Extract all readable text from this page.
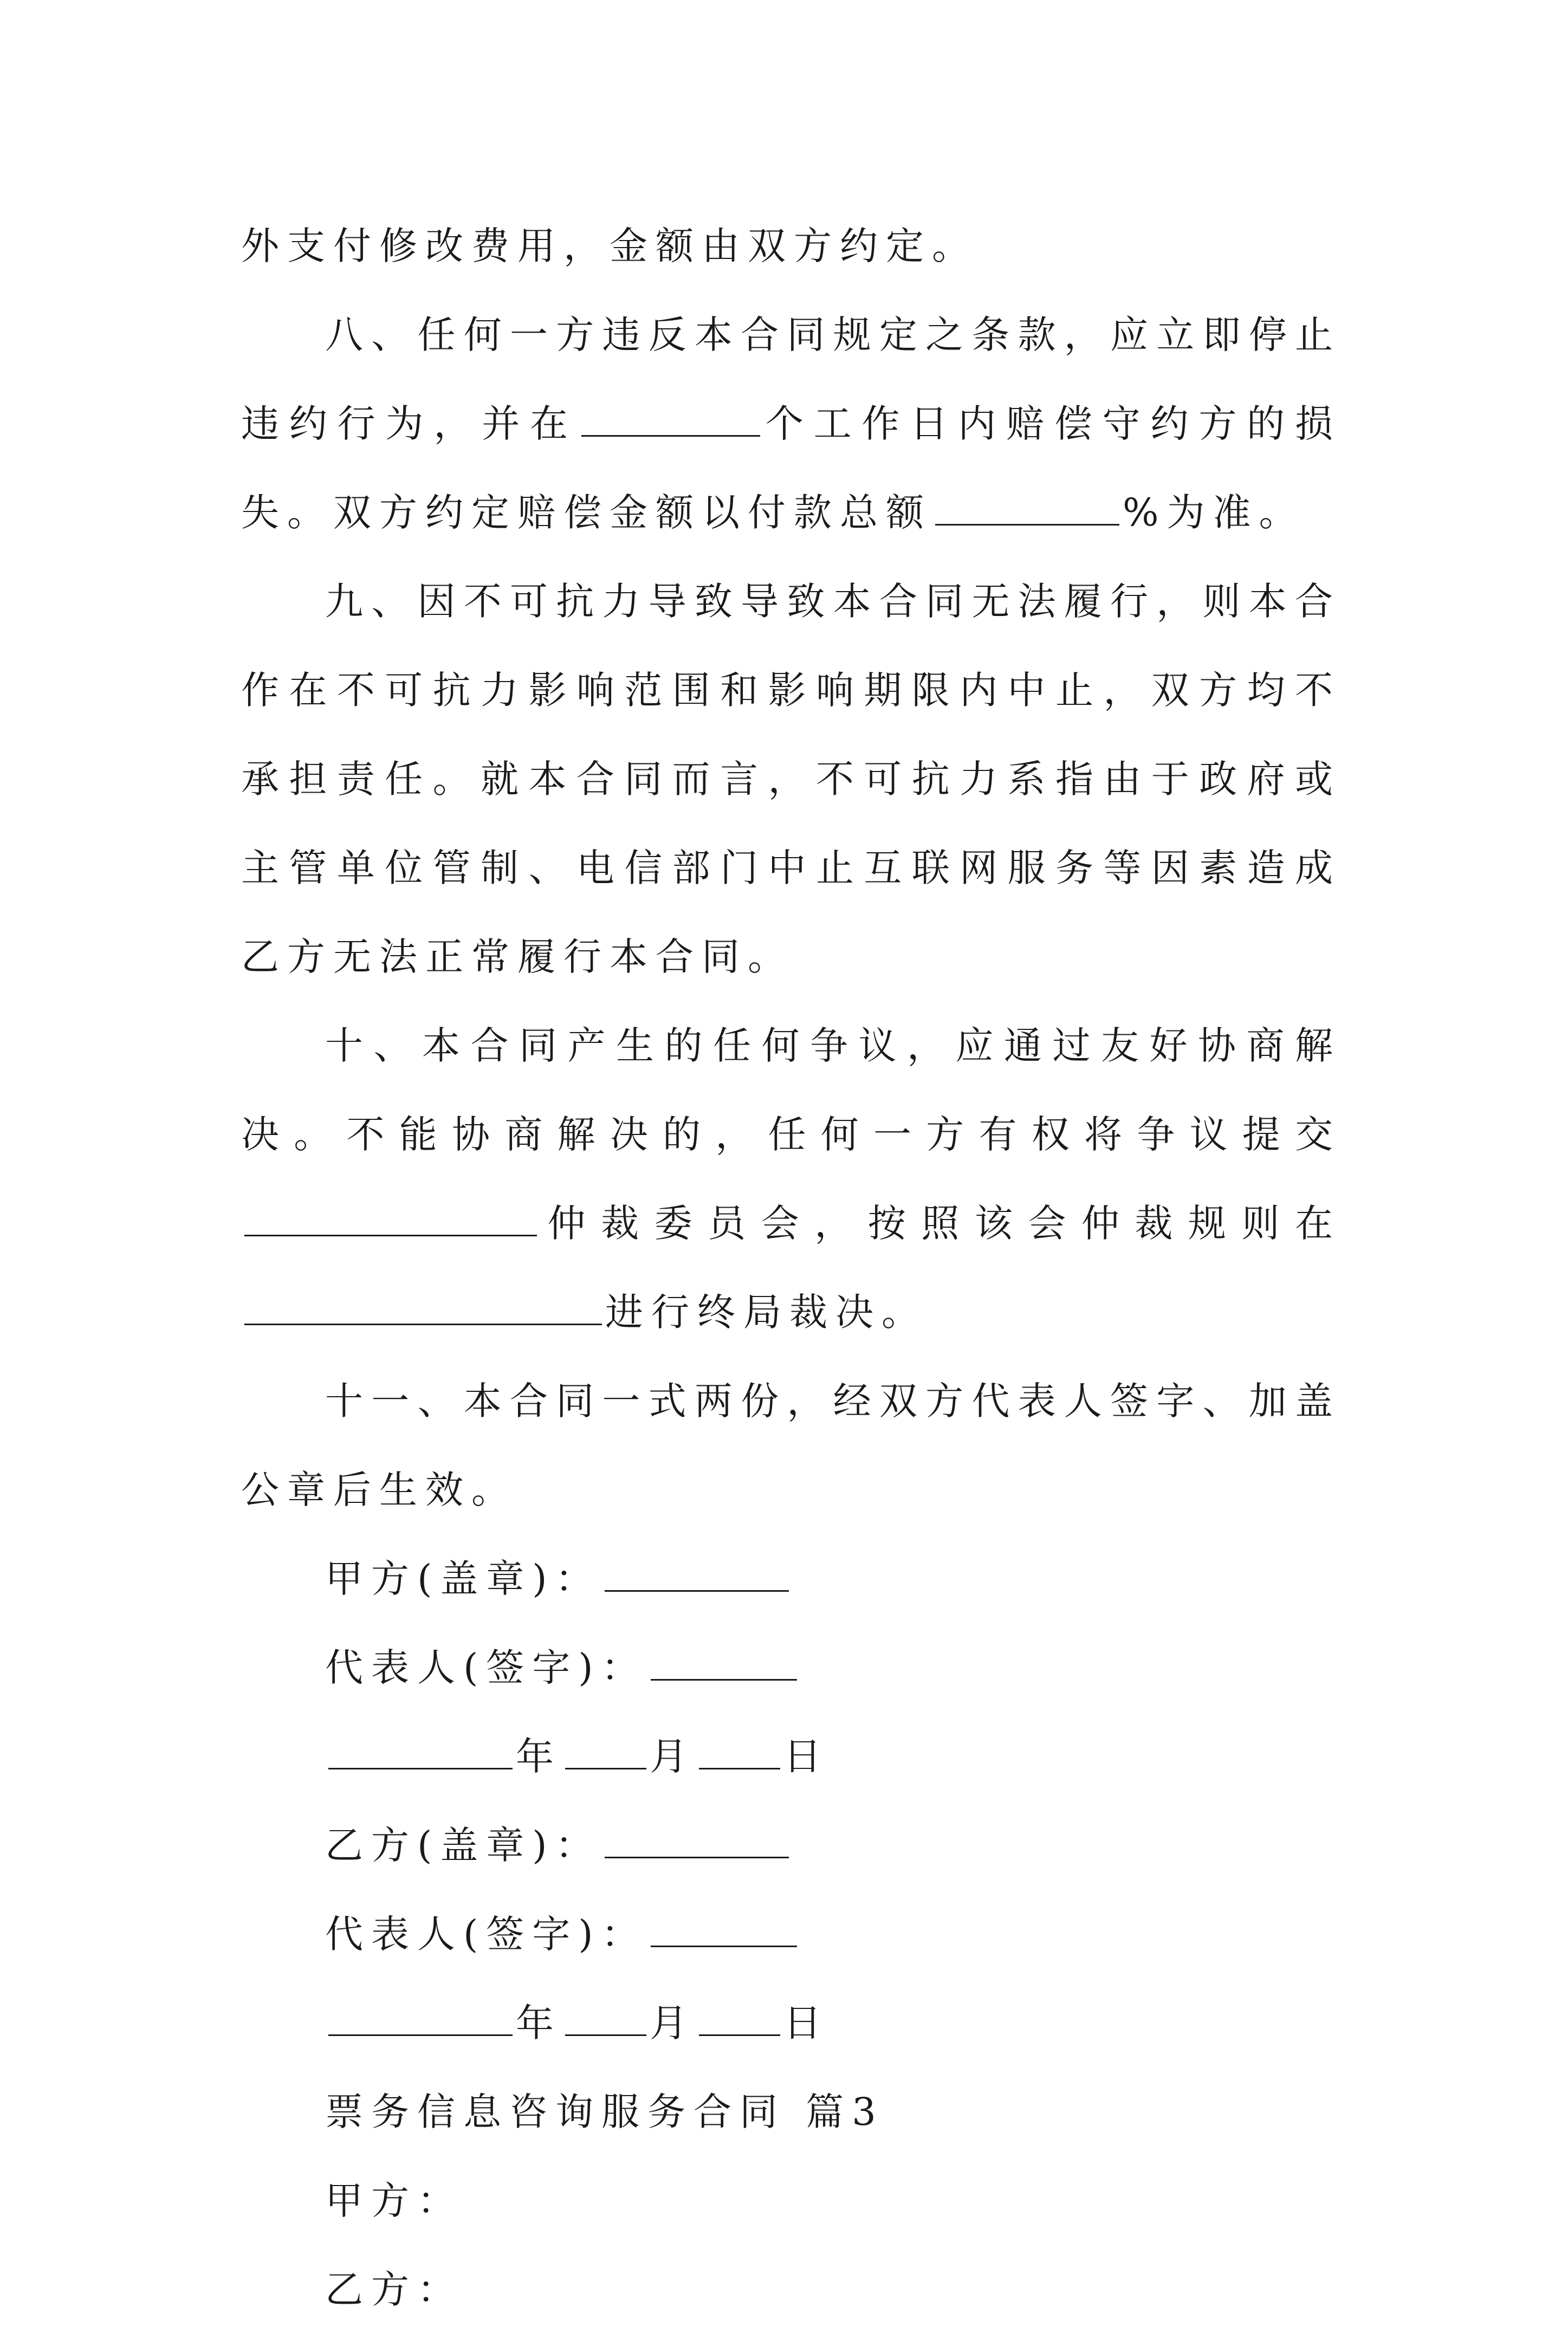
外支付修改费用，金额由双方约定。

八、任何一方违反本合同规定之条款，应立即停止违约行为，并在	个工作日内赔偿守约方的损失。双方约定赔偿金额以付款总额	%为准。

九、因不可抗力导致导致本合同无法履行，则本合作在不可抗力影响范围和影响期限内中止，双方均不承担责任。就本合同而言，不可抗力系指由于政府或主管单位管制、电信部门中止互联网服务等因素造成乙方无法正常履行本合同。

十、本合同产生的任何争议，应通过友好协商解决。不能协商解决的，任何一方有权将争议提交仲裁委员会，按照该会仲裁规则在进行终局裁决。

十一、本合同一式两份，经双方代表人签字、加盖公章后生效。

甲方(盖章)：
代表人(签字)：
年 月 日
乙方(盖章)：
代表人(签字)：
年 月 日
票务信息咨询服务合同 篇3
甲方：
乙方：
